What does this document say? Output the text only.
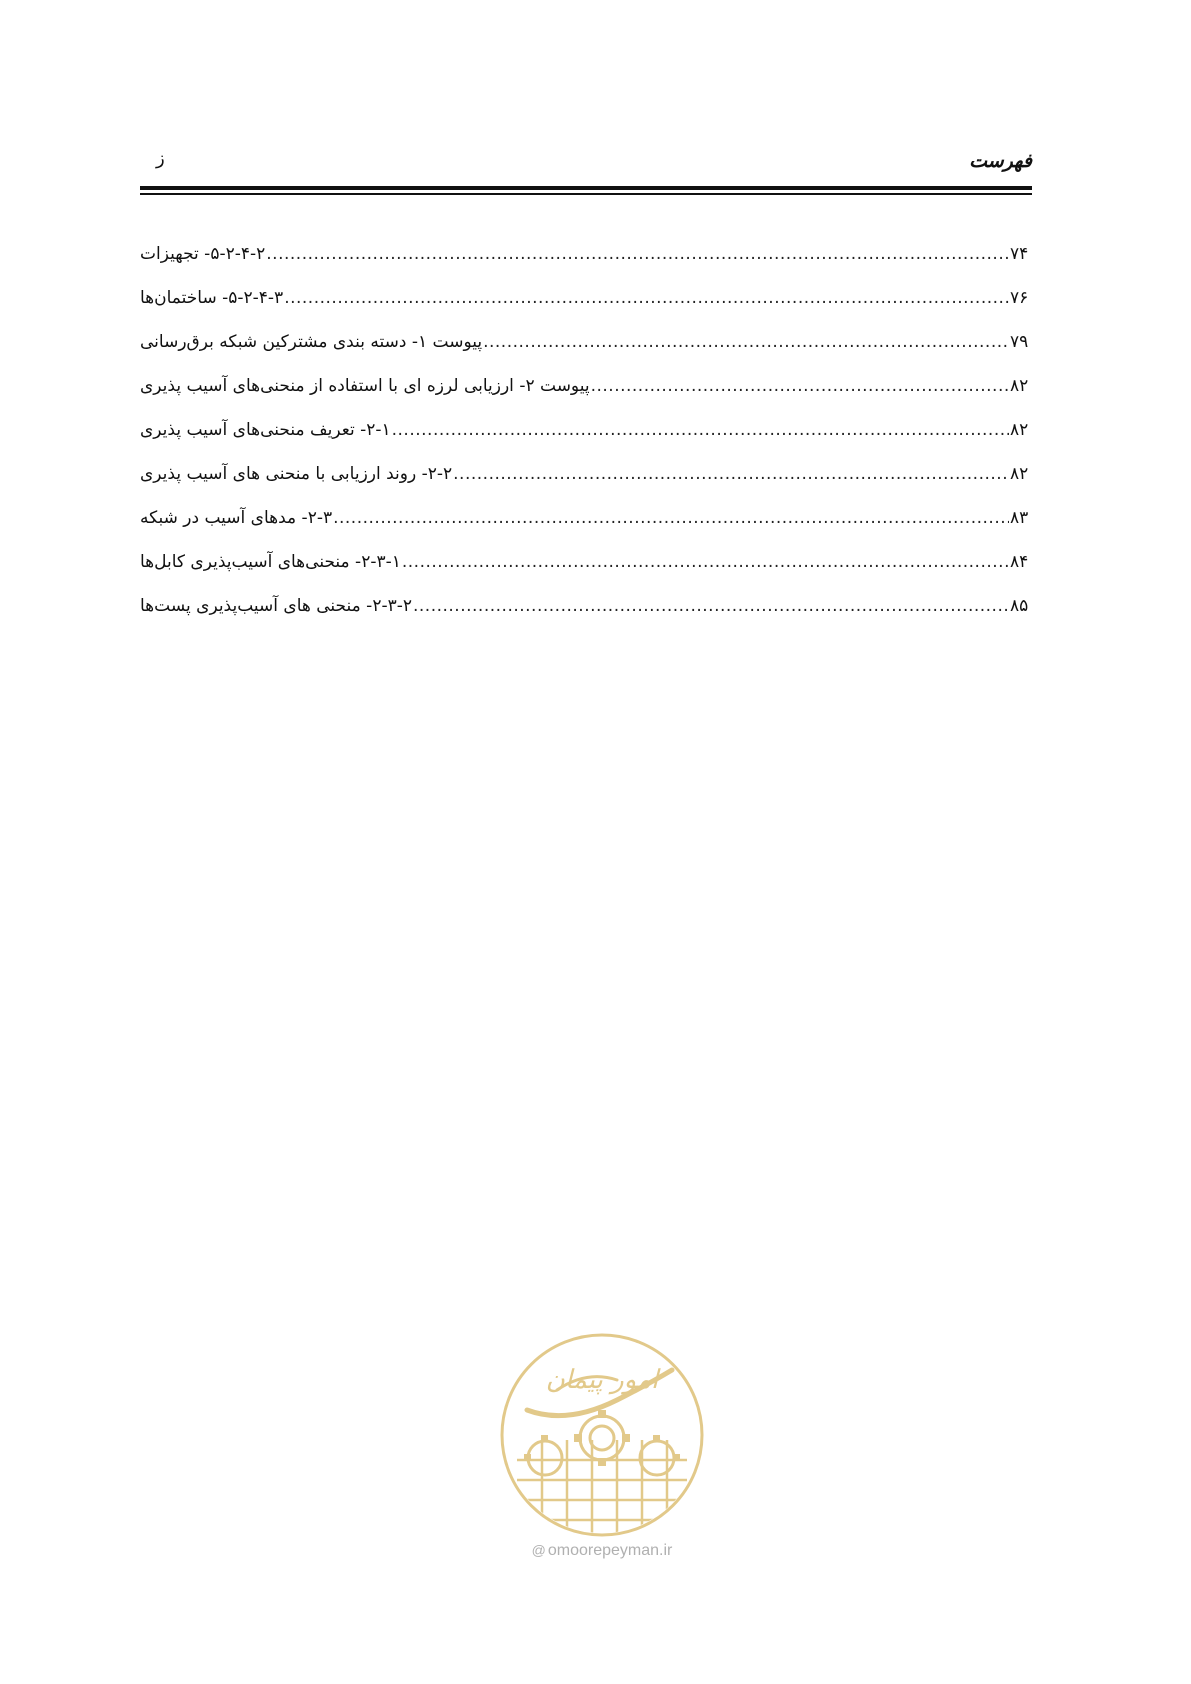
فهرست
ز
۵-۲-۴-۲- تجهیزات .....	۷۴
۵-۲-۴-۳- ساختمان‌ها .....	۷۶
پیوست ۱- دسته بندی مشترکین شبکه برق‌رسانی .....	۷۹
پیوست ۲- ارزیابی لرزه ای با استفاده از منحنی‌های آسیب پذیری .....	۸۲
۲-۱- تعریف منحنی‌های آسیب پذیری .....	۸۲
۲-۲- روند ارزیابی با منحنی های آسیب پذیری .....	۸۲
۲-۳- مدهای آسیب در شبکه .....	۸۳
۲-۳-۱- منحنی‌های آسیب‌پذیری کابل‌ها .....	۸۴
۲-۳-۲- منحنی های آسیب‌پذیری پست‌ها .....	۸۵
امور پیمان
@ omoorepeyman.ir
